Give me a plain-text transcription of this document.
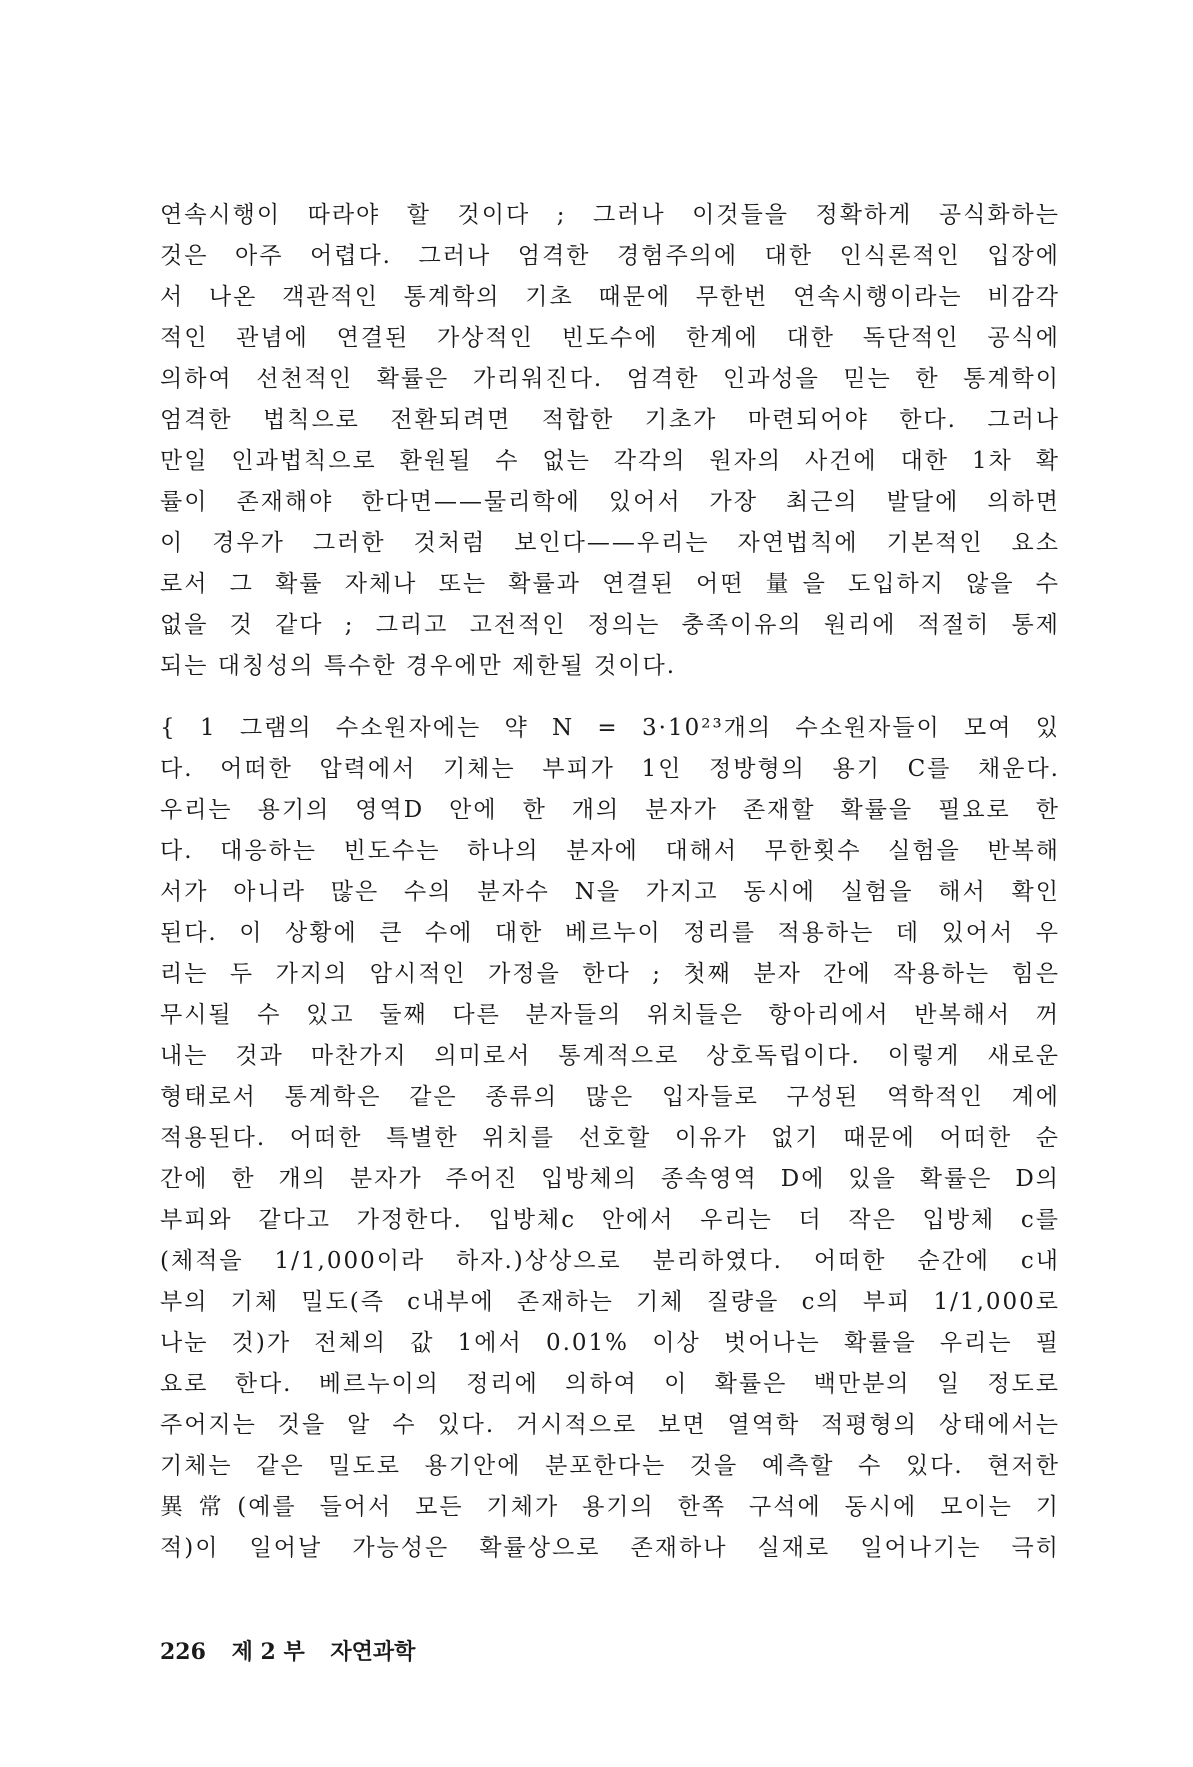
연속시행이 따라야 할 것이다 ; 그러나 이것들을 정확하게 공식화하는
것은 아주 어렵다. 그러나 엄격한 경험주의에 대한 인식론적인 입장에
서 나온 객관적인 통계학의 기초 때문에 무한번 연속시행이라는 비감각
적인 관념에 연결된 가상적인 빈도수에 한계에 대한 독단적인 공식에
의하여 선천적인 확률은 가리워진다. 엄격한 인과성을 믿는 한 통계학이
엄격한 법칙으로 전환되려면 적합한 기초가 마련되어야 한다. 그러나
만일 인과법칙으로 환원될 수 없는 각각의 원자의 사건에 대한 1차 확
률이 존재해야 한다면——물리학에 있어서 가장 최근의 발달에 의하면
이 경우가 그러한 것처럼 보인다——우리는 자연법칙에 기본적인 요소
로서 그 확률 자체나 또는 확률과 연결된 어떤 量을 도입하지 않을 수
없을 것 같다 ; 그리고 고전적인 정의는 충족이유의 원리에 적절히 통제
되는 대칭성의 특수한 경우에만 제한될 것이다.
{ 1 그램의 수소원자에는 약 N = 3·10²³개의 수소원자들이 모여 있
다. 어떠한 압력에서 기체는 부피가 1인 정방형의 용기 C를 채운다.
우리는 용기의 영역D 안에 한 개의 분자가 존재할 확률을 필요로 한
다. 대응하는 빈도수는 하나의 분자에 대해서 무한횟수 실험을 반복해
서가 아니라 많은 수의 분자수 N을 가지고 동시에 실험을 해서 확인
된다. 이 상황에 큰 수에 대한 베르누이 정리를 적용하는 데 있어서 우
리는 두 가지의 암시적인 가정을 한다 ; 첫째 분자 간에 작용하는 힘은
무시될 수 있고 둘째 다른 분자들의 위치들은 항아리에서 반복해서 꺼
내는 것과 마찬가지 의미로서 통계적으로 상호독립이다. 이렇게 새로운
형태로서 통계학은 같은 종류의 많은 입자들로 구성된 역학적인 계에
적용된다. 어떠한 특별한 위치를 선호할 이유가 없기 때문에 어떠한 순
간에 한 개의 분자가 주어진 입방체의 종속영역 D에 있을 확률은 D의
부피와 같다고 가정한다. 입방체c 안에서 우리는 더 작은 입방체 c를
(체적을 1/1,000이라 하자.)상상으로 분리하였다. 어떠한 순간에 c내
부의 기체 밀도(즉 c내부에 존재하는 기체 질량을 c의 부피 1/1,000로
나눈 것)가 전체의 값 1에서 0.01% 이상 벗어나는 확률을 우리는 필
요로 한다. 베르누이의 정리에 의하여 이 확률은 백만분의 일 정도로
주어지는 것을 알 수 있다. 거시적으로 보면 열역학 적평형의 상태에서는
기체는 같은 밀도로 용기안에 분포한다는 것을 예측할 수 있다. 현저한
異常(예를 들어서 모든 기체가 용기의 한쪽 구석에 동시에 모이는 기
적)이 일어날 가능성은 확률상으로 존재하나 실재로 일어나기는 극히
226 제 2 부 자연과학
